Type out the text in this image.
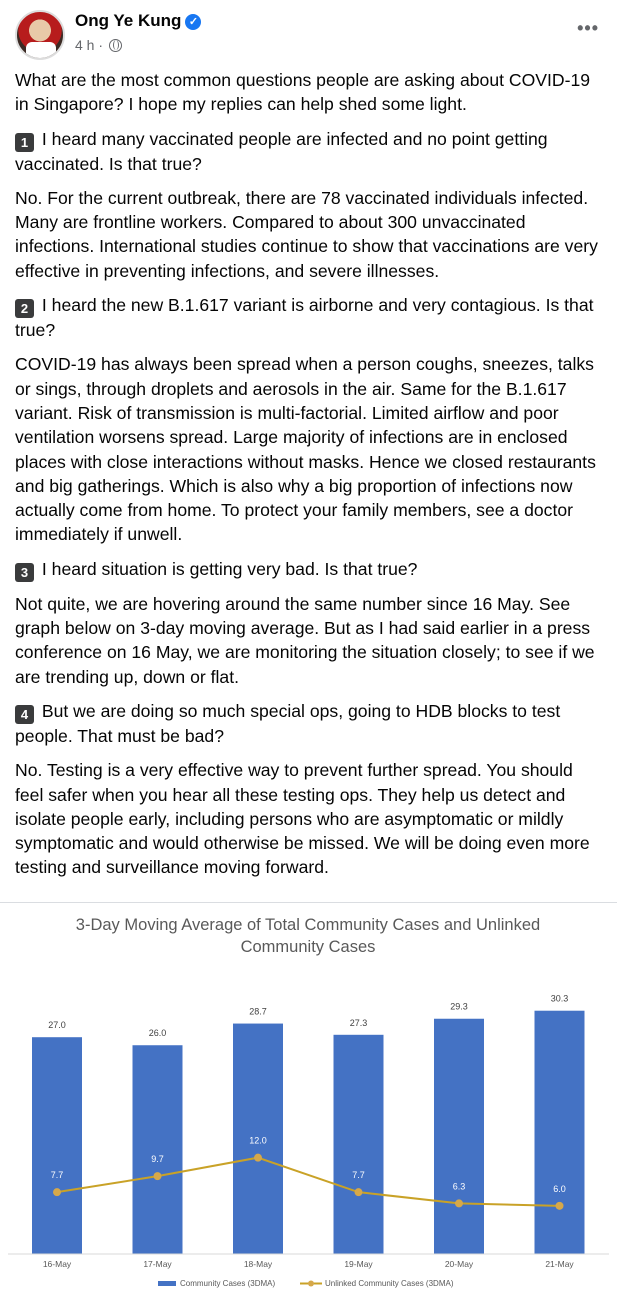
Ong Ye Kung ✓
4 h ·
•••

What are the most common questions people are asking about COVID-19 in Singapore? I hope my replies can help shed some light.

1 I heard many vaccinated people are infected and no point getting vaccinated. Is that true?

No. For the current outbreak, there are 78 vaccinated individuals infected. Many are frontline workers. Compared to about 300 unvaccinated infections. International studies continue to show that vaccinations are very effective in preventing infections, and severe illnesses.

2 I heard the new B.1.617 variant is airborne and very contagious. Is that true?

COVID-19 has always been spread when a person coughs, sneezes, talks or sings, through droplets and aerosols in the air. Same for the B.1.617 variant. Risk of transmission is multi-factorial. Limited airflow and poor ventilation worsens spread. Large majority of infections are in enclosed places with close interactions without masks. Hence we closed restaurants and big gatherings. Which is also why a big proportion of infections now actually come from home. To protect your family members, see a doctor immediately if unwell.

3 I heard situation is getting very bad. Is that true?

Not quite, we are hovering around the same number since 16 May. See graph below on 3-day moving average. But as I had said earlier in a press conference on 16 May, we are monitoring the situation closely; to see if we are trending up, down or flat.

4 But we are doing so much special ops, going to HDB blocks to test people. That must be bad?

No. Testing is a very effective way to prevent further spread. You should feel safer when you hear all these testing ops. They help us detect and isolate people early, including persons who are asymptomatic or mildly symptomatic and would otherwise be missed. We will be doing even more testing and surveillance moving forward.

3-Day Moving Average of Total Community Cases and Unlinked
Community Cases
27.0
26.0
28.7
27.3
29.3
30.3
7.7
9.7
12.0
7.7
6.3	6.0
16-May	17-May	18-May	19-May	20-May	21-May
Community Cases (3DMA)	Unlinked Community Cases (3DMA)
